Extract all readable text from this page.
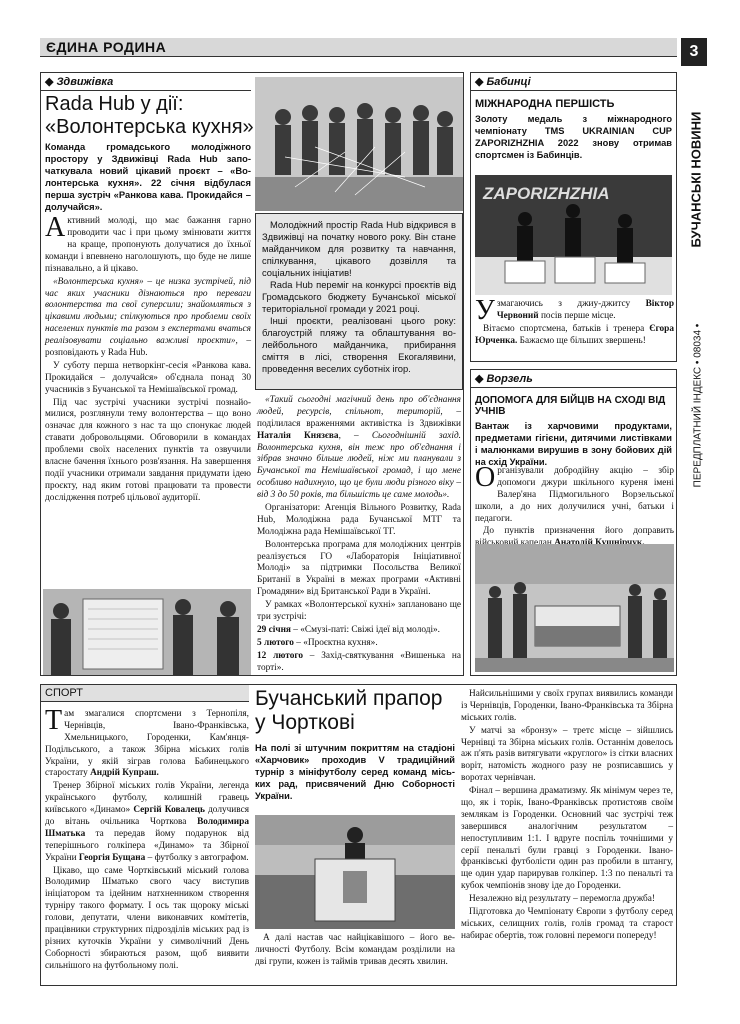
ЄДИНА РОДИНА	3
БУЧАНСЬКІ НОВИНИ
ПЕРЕДПЛАТНИЙ ІНДЕКС • 08034 •
◆ Здвижівка
Rada Hub у дії:
«Волонтерська кухня»

Команда громадського молодіжного простору у Здвижівці Rada Hub започаткувала новий цікавий проєкт – «Волонтерська кухня». 22 січня відбулася перша зустріч «Ранкова кава. Прокидайся – долучайся».

Активний молоді, що має бажання гарно проводити час і при цьому змінювати життя на краще, пропонують долучатися до їхньої команди і впевнено наголошують, що буде не лише пізнавально, а й цікаво.

«Волонтерська кухня» – це низка зустрічей, під час яких учасники дізнаються про переваги волонтерства та свої суперсили; знайомляться з цікавими людьми; спілкуються про проблеми своїх населених пунктів та разом з експертами вчаться реалізовувати соціально важливі проєкти», – розповідають у Rada Hub.

У суботу перша нетворкінг-сесія «Ранкова кава. Прокидайся – долучайся» об'єднала понад 30 учасників з Бучанської та Немішаївської громад.

Під час зустрічі учасники зустрічі познайомилися, розглянули тему волонтерства – що воно означає для кожного з нас та що спонукає людей ставати добровольцями. Обговорили в командах проблеми своїх населених пунктів та озвучили власне бачення їхнього розв'язання. На завершення події учасники отримали завдання придумати ідею проєкту, над яким готові працювати та провести дослідження потреб цільової аудиторії.

Молодіжний простір Rada Hub відкрився в Здвижівці на початку нового року. Він стане майданчиком для розвитку та навчання, спілкування, цікавого дозвілля та соціальних ініціатив!

Rada Hub переміг на конкурсі проєктів від Громадського бюджету Бучанської міської територіальної громади у 2021 році.

Інші проєкти, реалізовані цього року: благоустрій пляжу та облаштування волейбольного майданчика, прибирання сміття в лісі, створення Екогалявини, проведення веселих суботніх ігор.

«Такий сьогодні магічний день про об'єднання людей, ресурсів, спільнот, територій, – поділилася враженнями активістка із Здвижівки Наталія Князєва, – Сьогоднішній захід. Волонтерська кухня, він теж про об'єднання і зібрав значно більше людей, ніж ми планували з Бучанської та Немішаївської громад, і що мене особливо надихнуло, що це були люди різного віку – від 3 до 50 років, та більшість це саме молодь».

Організатори: Агенція Вільного Розвитку, Rada Hub, Молодіжна рада Бучанської МТГ та Молодіжна рада Немішаївської ТГ.

Волонтерська програма для молодіжних центрів реалізується ГО «Лабораторія Ініціативної Молоді» за підтримки Посольства Великої Британії в Україні в межах програми «Активні Громадяни» від Британської Ради в Україні.

У рамках «Волонтерської кухні» заплановано ще три зустрічі:

29 січня – «Смузі-паті: Свіжі ідеї від молоді».

5 лютого – «Проєктна кухня».

12 лютого – Захід-святкування «Вишенька на торті».

◆ Бабинці
МІЖНАРОДНА ПЕРШІСТЬ
Золоту медаль з міжнародного чемпіонату TMS UKRAINIAN CUP ZAPORIZHZHIA 2022 знову отримав спортсмен із Бабинців.
ZAPORIZHZHIA

Узмагаючись з джиу-джитсу Віктор Червоний посів перше місце.

Вітаємо спортсмена, батьків і тренера Єгора Юрченка. Бажаємо ще більших звершень!

◆ Ворзель
ДОПОМОГА ДЛЯ БІЙЦІВ НА СХОДІ ВІД УЧНІВ
Вантаж із харчовими продуктами, предметами гігієни, дитячими листівками і малюнками вирушив в зону бойових дій на схід України.

Організували добродійну акцію – збір допомоги джури шкільного куреня імені Валер'яна Підмогильного Ворзельської школи, а до них долучилися учні, батьки і педагоги.

До пунктів призначення його доправить

СПОРТ

Там змагалися спортсмени з Тернопіля, Чернівців, Івано-Франківська, Хмельницького, Городенки, Кам'янця-Подільського, а також Збірна міських голів України, у якій зіграв голова Бабинецького старостату Андрій Купраш.

Тренер Збірної міських голів України, легенда українського футболу, колишній гравець київського «Динамо» Сергій Ковалець долучився до вітань очільника Чорткова Володимира Шматька та передав йому подарунок від теперішнього голкіпера «Динамо» та Збірної України Георгія Бущана – футболку з автографом.

Цікаво, що саме Чортківський міський голова Володимир Шматько свого часу виступив ініціатором та ідейним натхненником створення турніру такого формату. І ось так щороку міські голови, депутати, члени виконавчих комітетів, працівники структурних підрозділів міських рад із різних куточків України у символічний День Соборності збираються разом, щоб виявити сильнішого на футбольному полі.

Бучанський прапор
у Чорткові
На полі зі штучним покриттям на стадіоні «Харчовик» проходив V традиційний турнір з мініфутболу серед команд міських рад, присвячений Дню Соборності України.

А далі настав час найцікавішого – його величності Футболу. Всім командам розділили на дві групи, кожен із таймів тривав десять хвилин.

Найсильнішими у своїх групах виявились команди із Чернівців, Городенки, Івано-Франківська та Збірна міських голів.

У матчі за «бронзу» – третє місце – зійшлись Чернівці та Збірна міських голів. Останнім довелось аж п'ять разів витягувати «круглого» із сітки власних воріт, натомість жодного разу не розписавшись у воротах чернівчан.

Фінал – вершина драматизму. Як мінімум через те, що, як і торік, Івано-Франківськ протистояв своїм землякам із Городенки. Основний час зустрічі теж завершився аналогічним результатом – непоступливим 1:1. І вдруге поспіль точнішими у серії пенальті були гравці з Городенки. Івано-франківські футболісти один раз пробили в штангу, ще один удар парирував голкіпер. 1:3 по пенальті та кубок чемпіонів знову іде до Городенки.

Незалежно від результату – перемогла дружба!

Підготовка до Чемпіонату Європи з футболу серед міських, селищних голів, голів громад та старост набирає обертів, тож головні перемоги попереду!
